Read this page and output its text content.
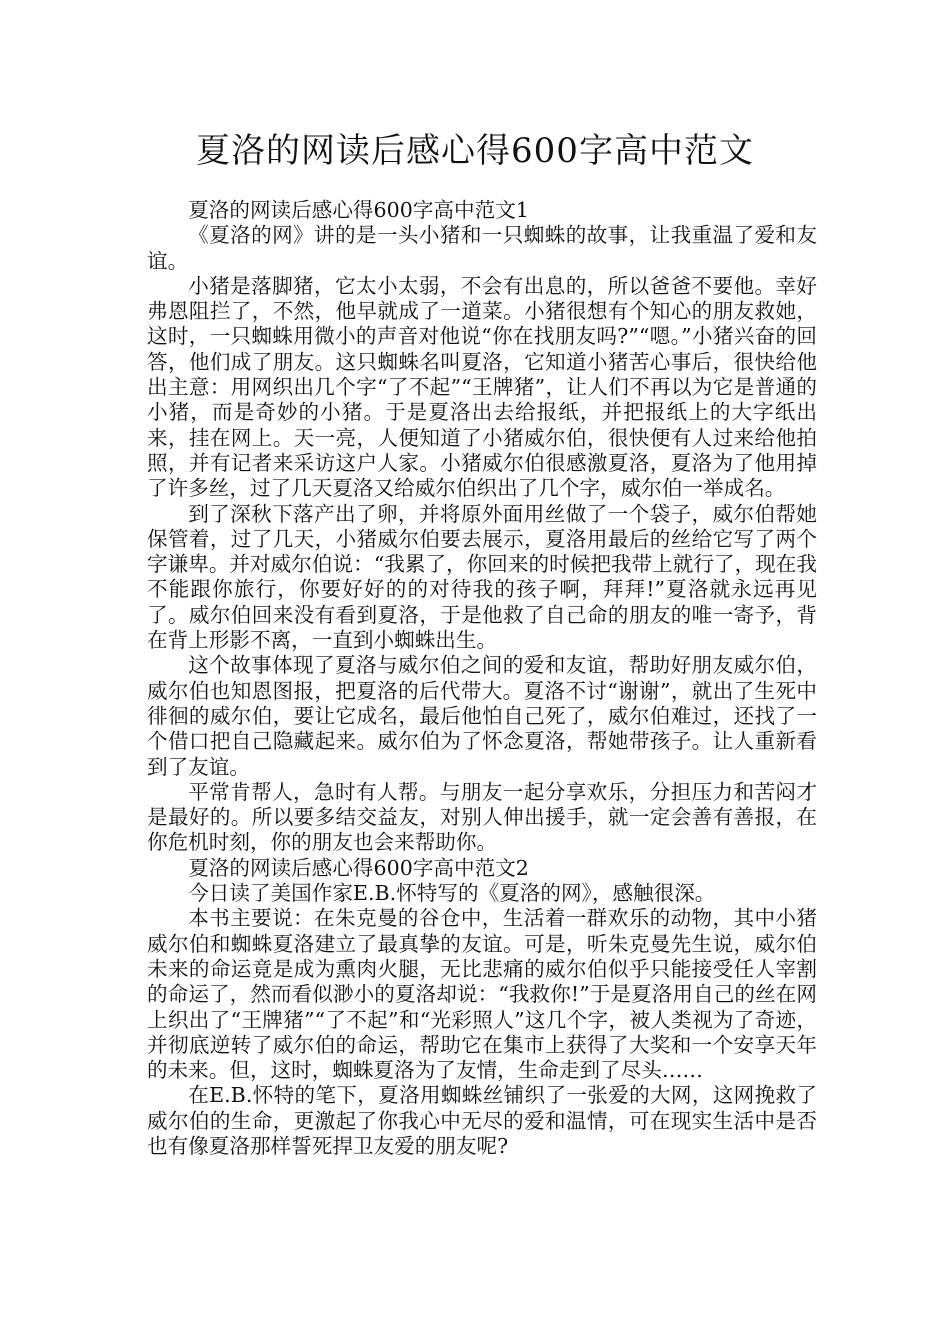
夏洛的网读后感心得600字高中范文

夏洛的网读后感心得600字高中范文1

《夏洛的网》讲的是一头小猪和一只蜘蛛的故事，让我重温了爱和友谊。

小猪是落脚猪，它太小太弱，不会有出息的，所以爸爸不要他。幸好弗恩阻拦了，不然，他早就成了一道菜。小猪很想有个知心的朋友救她，这时，一只蜘蛛用微小的声音对他说“你在找朋友吗?”“嗯。”小猪兴奋的回答，他们成了朋友。这只蜘蛛名叫夏洛，它知道小猪苦心事后，很快给他出主意：用网织出几个字“了不起”“王牌猪”，让人们不再以为它是普通的小猪，而是奇妙的小猪。于是夏洛出去给报纸，并把报纸上的大字纸出来，挂在网上。天一亮，人便知道了小猪威尔伯，很快便有人过来给他拍照，并有记者来采访这户人家。小猪威尔伯很感激夏洛，夏洛为了他用掉了许多丝，过了几天夏洛又给威尔伯织出了几个字，威尔伯一举成名。

到了深秋下落产出了卵，并将原外面用丝做了一个袋子，威尔伯帮她保管着，过了几天，小猪威尔伯要去展示，夏洛用最后的丝给它写了两个字谦卑。并对威尔伯说：“我累了，你回来的时候把我带上就行了，现在我不能跟你旅行，你要好好的的对待我的孩子啊，拜拜!”夏洛就永远再见了。威尔伯回来没有看到夏洛，于是他救了自己命的朋友的唯一寄予，背在背上形影不离，一直到小蜘蛛出生。

这个故事体现了夏洛与威尔伯之间的爱和友谊，帮助好朋友威尔伯，威尔伯也知恩图报，把夏洛的后代带大。夏洛不讨“谢谢”，就出了生死中徘徊的威尔伯，要让它成名，最后他怕自己死了，威尔伯难过，还找了一个借口把自己隐藏起来。威尔伯为了怀念夏洛，帮她带孩子。让人重新看到了友谊。

平常肯帮人，急时有人帮。与朋友一起分享欢乐，分担压力和苦闷才是最好的。所以要多结交益友，对别人伸出援手，就一定会善有善报，在你危机时刻，你的朋友也会来帮助你。

夏洛的网读后感心得600字高中范文2

今日读了美国作家E.B.怀特写的《夏洛的网》，感触很深。

本书主要说：在朱克曼的谷仓中，生活着一群欢乐的动物，其中小猪威尔伯和蜘蛛夏洛建立了最真挚的友谊。可是，听朱克曼先生说，威尔伯未来的命运竟是成为熏肉火腿，无比悲痛的威尔伯似乎只能接受任人宰割的命运了，然而看似渺小的夏洛却说：“我救你!”于是夏洛用自己的丝在网上织出了“王牌猪”“了不起”和“光彩照人”这几个字，被人类视为了奇迹，并彻底逆转了威尔伯的命运，帮助它在集市上获得了大奖和一个安享天年的未来。但，这时，蜘蛛夏洛为了友情，生命走到了尽头……

在E.B.怀特的笔下，夏洛用蜘蛛丝铺织了一张爱的大网，这网挽救了威尔伯的生命，更激起了你我心中无尽的爱和温情，可在现实生活中是否也有像夏洛那样誓死捍卫友爱的朋友呢?
